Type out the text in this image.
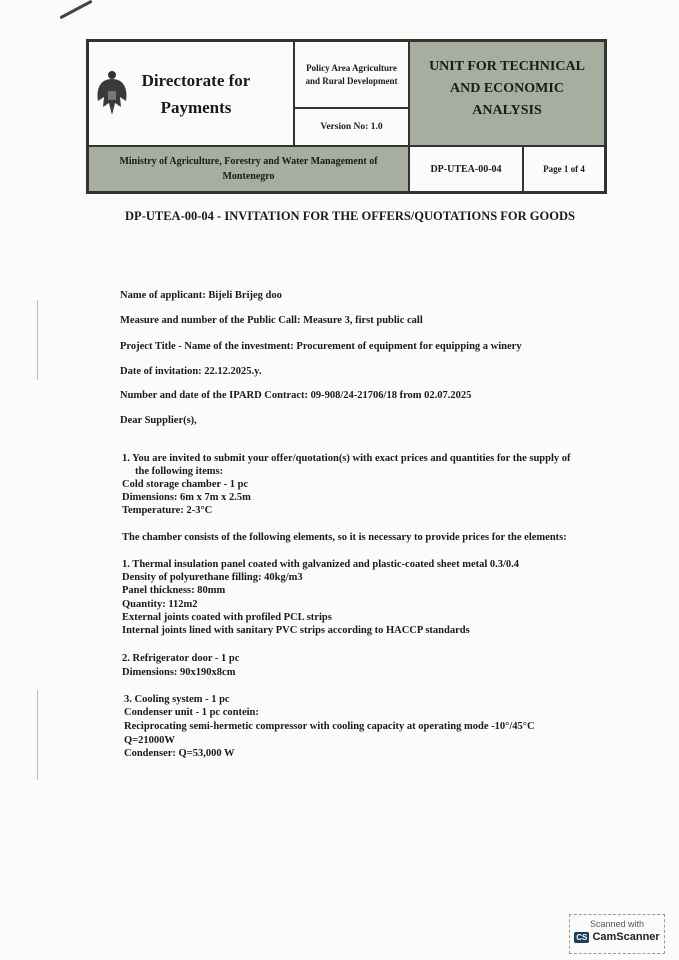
Directorate for Payments
Policy Area Agriculture and Rural Development
Version No: 1.0
UNIT FOR TECHNICAL AND ECONOMIC ANALYSIS
Ministry of Agriculture, Forestry and Water Management of Montenegro
DP-UTEA-00-04	Page 1 of 4
DP-UTEA-00-04 - INVITATION FOR THE OFFERS/QUOTATIONS FOR GOODS
Name of applicant: Bijeli Brijeg doo
Measure and number of the Public Call: Measure 3, first public call
Project Title - Name of the investment: Procurement of equipment for equipping a winery
Date of invitation: 22.12.2025.y.
Number and date of the IPARD Contract: 09-908/24-21706/18 from 02.07.2025
Dear Supplier(s),
1. You are invited to submit your offer/quotation(s) with exact prices and quantities for the supply of
the following items:
Cold storage chamber - 1 pc
Dimensions: 6m x 7m x 2.5m
Temperature: 2-3°C
The chamber consists of the following elements, so it is necessary to provide prices for the elements:
1. Thermal insulation panel coated with galvanized and plastic-coated sheet metal 0.3/0.4
Density of polyurethane filling: 40kg/m3
Panel thickness: 80mm
Quantity: 112m2
External joints coated with profiled PCL strips
Internal joints lined with sanitary PVC strips according to HACCP standards
2. Refrigerator door - 1 pc
Dimensions: 90x190x8cm
3. Cooling system - 1 pc
Condenser unit - 1 pc contein:
Reciprocating semi-hermetic compressor with cooling capacity at operating mode -10°/45°C
Q=21000W
Condenser: Q=53,000 W
Scanned with
CS CamScanner
